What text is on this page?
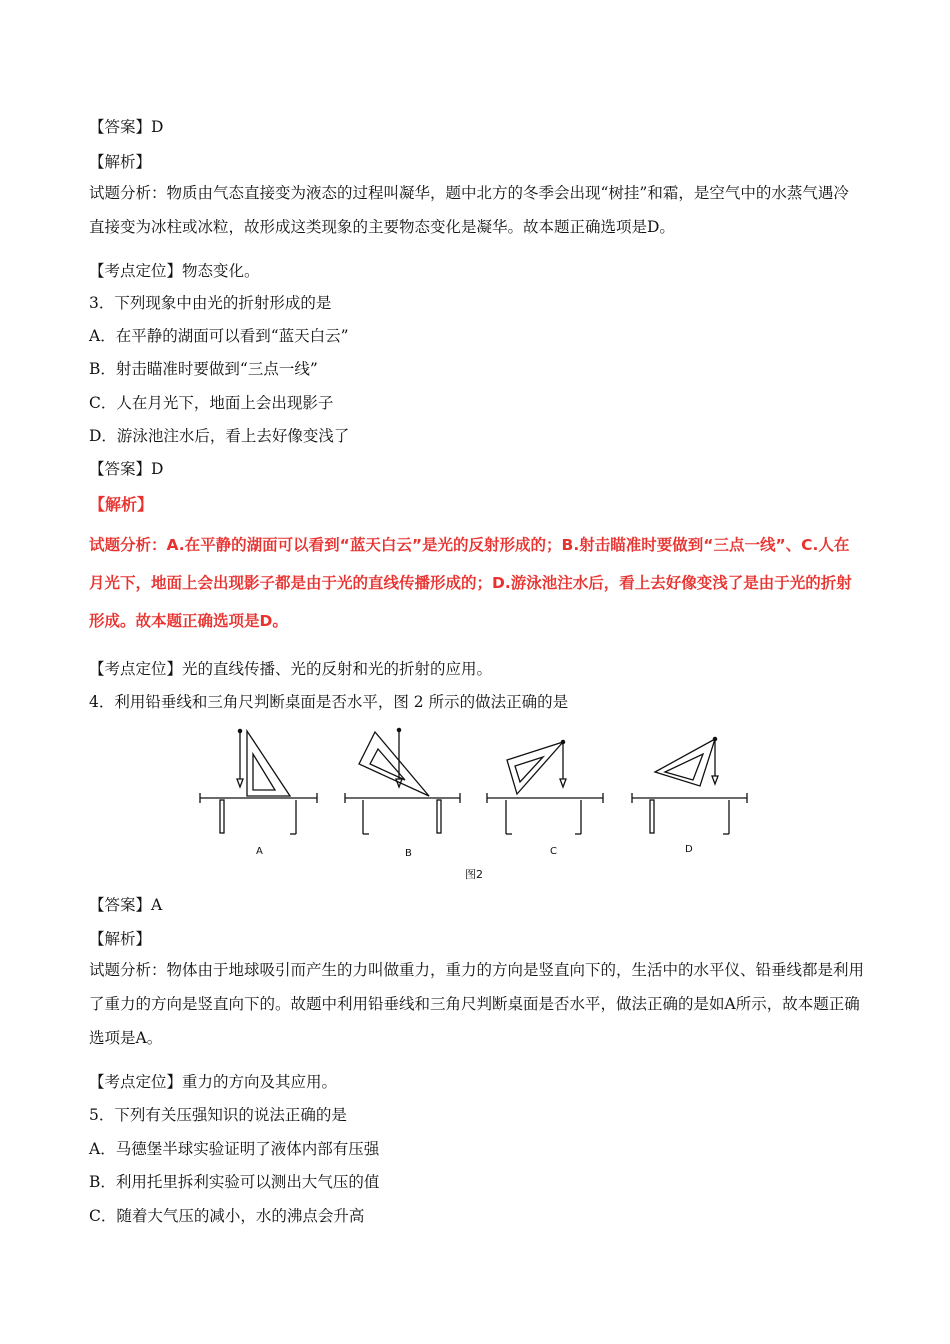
【答案】D
【解析】
试题分析：物质由气态直接变为液态的过程叫凝华，题中北方的冬季会出现“树挂”和霜，是空气中的水蒸气遇冷直接变为冰柱或冰粒，故形成这类现象的主要物态变化是凝华。故本题正确选项是D。
【考点定位】物态变化。
3．下列现象中由光的折射形成的是
A．在平静的湖面可以看到“蓝天白云”
B．射击瞄准时要做到“三点一线”
C．人在月光下，地面上会出现影子
D．游泳池注水后，看上去好像变浅了
【答案】D
【解析】
试题分析：A.在平静的湖面可以看到“蓝天白云”是光的反射形成的；B.射击瞄准时要做到“三点一线”、C.人在月光下，地面上会出现影子都是由于光的直线传播形成的；D.游泳池注水后，看上去好像变浅了是由于光的折射形成。故本题正确选项是D。
【考点定位】光的直线传播、光的反射和光的折射的应用。
4．利用铅垂线和三角尺判断桌面是否水平，图 2 所示的做法正确的是
A	B	C	D
图2
【答案】A
【解析】
试题分析：物体由于地球吸引而产生的力叫做重力，重力的方向是竖直向下的，生活中的水平仪、铅垂线都是利用了重力的方向是竖直向下的。故题中利用铅垂线和三角尺判断桌面是否水平，做法正确的是如A所示，故本题正确选项是A。
【考点定位】重力的方向及其应用。
5．下列有关压强知识的说法正确的是
A．马德堡半球实验证明了液体内部有压强
B．利用托里拆利实验可以测出大气压的值
C．随着大气压的减小，水的沸点会升高
